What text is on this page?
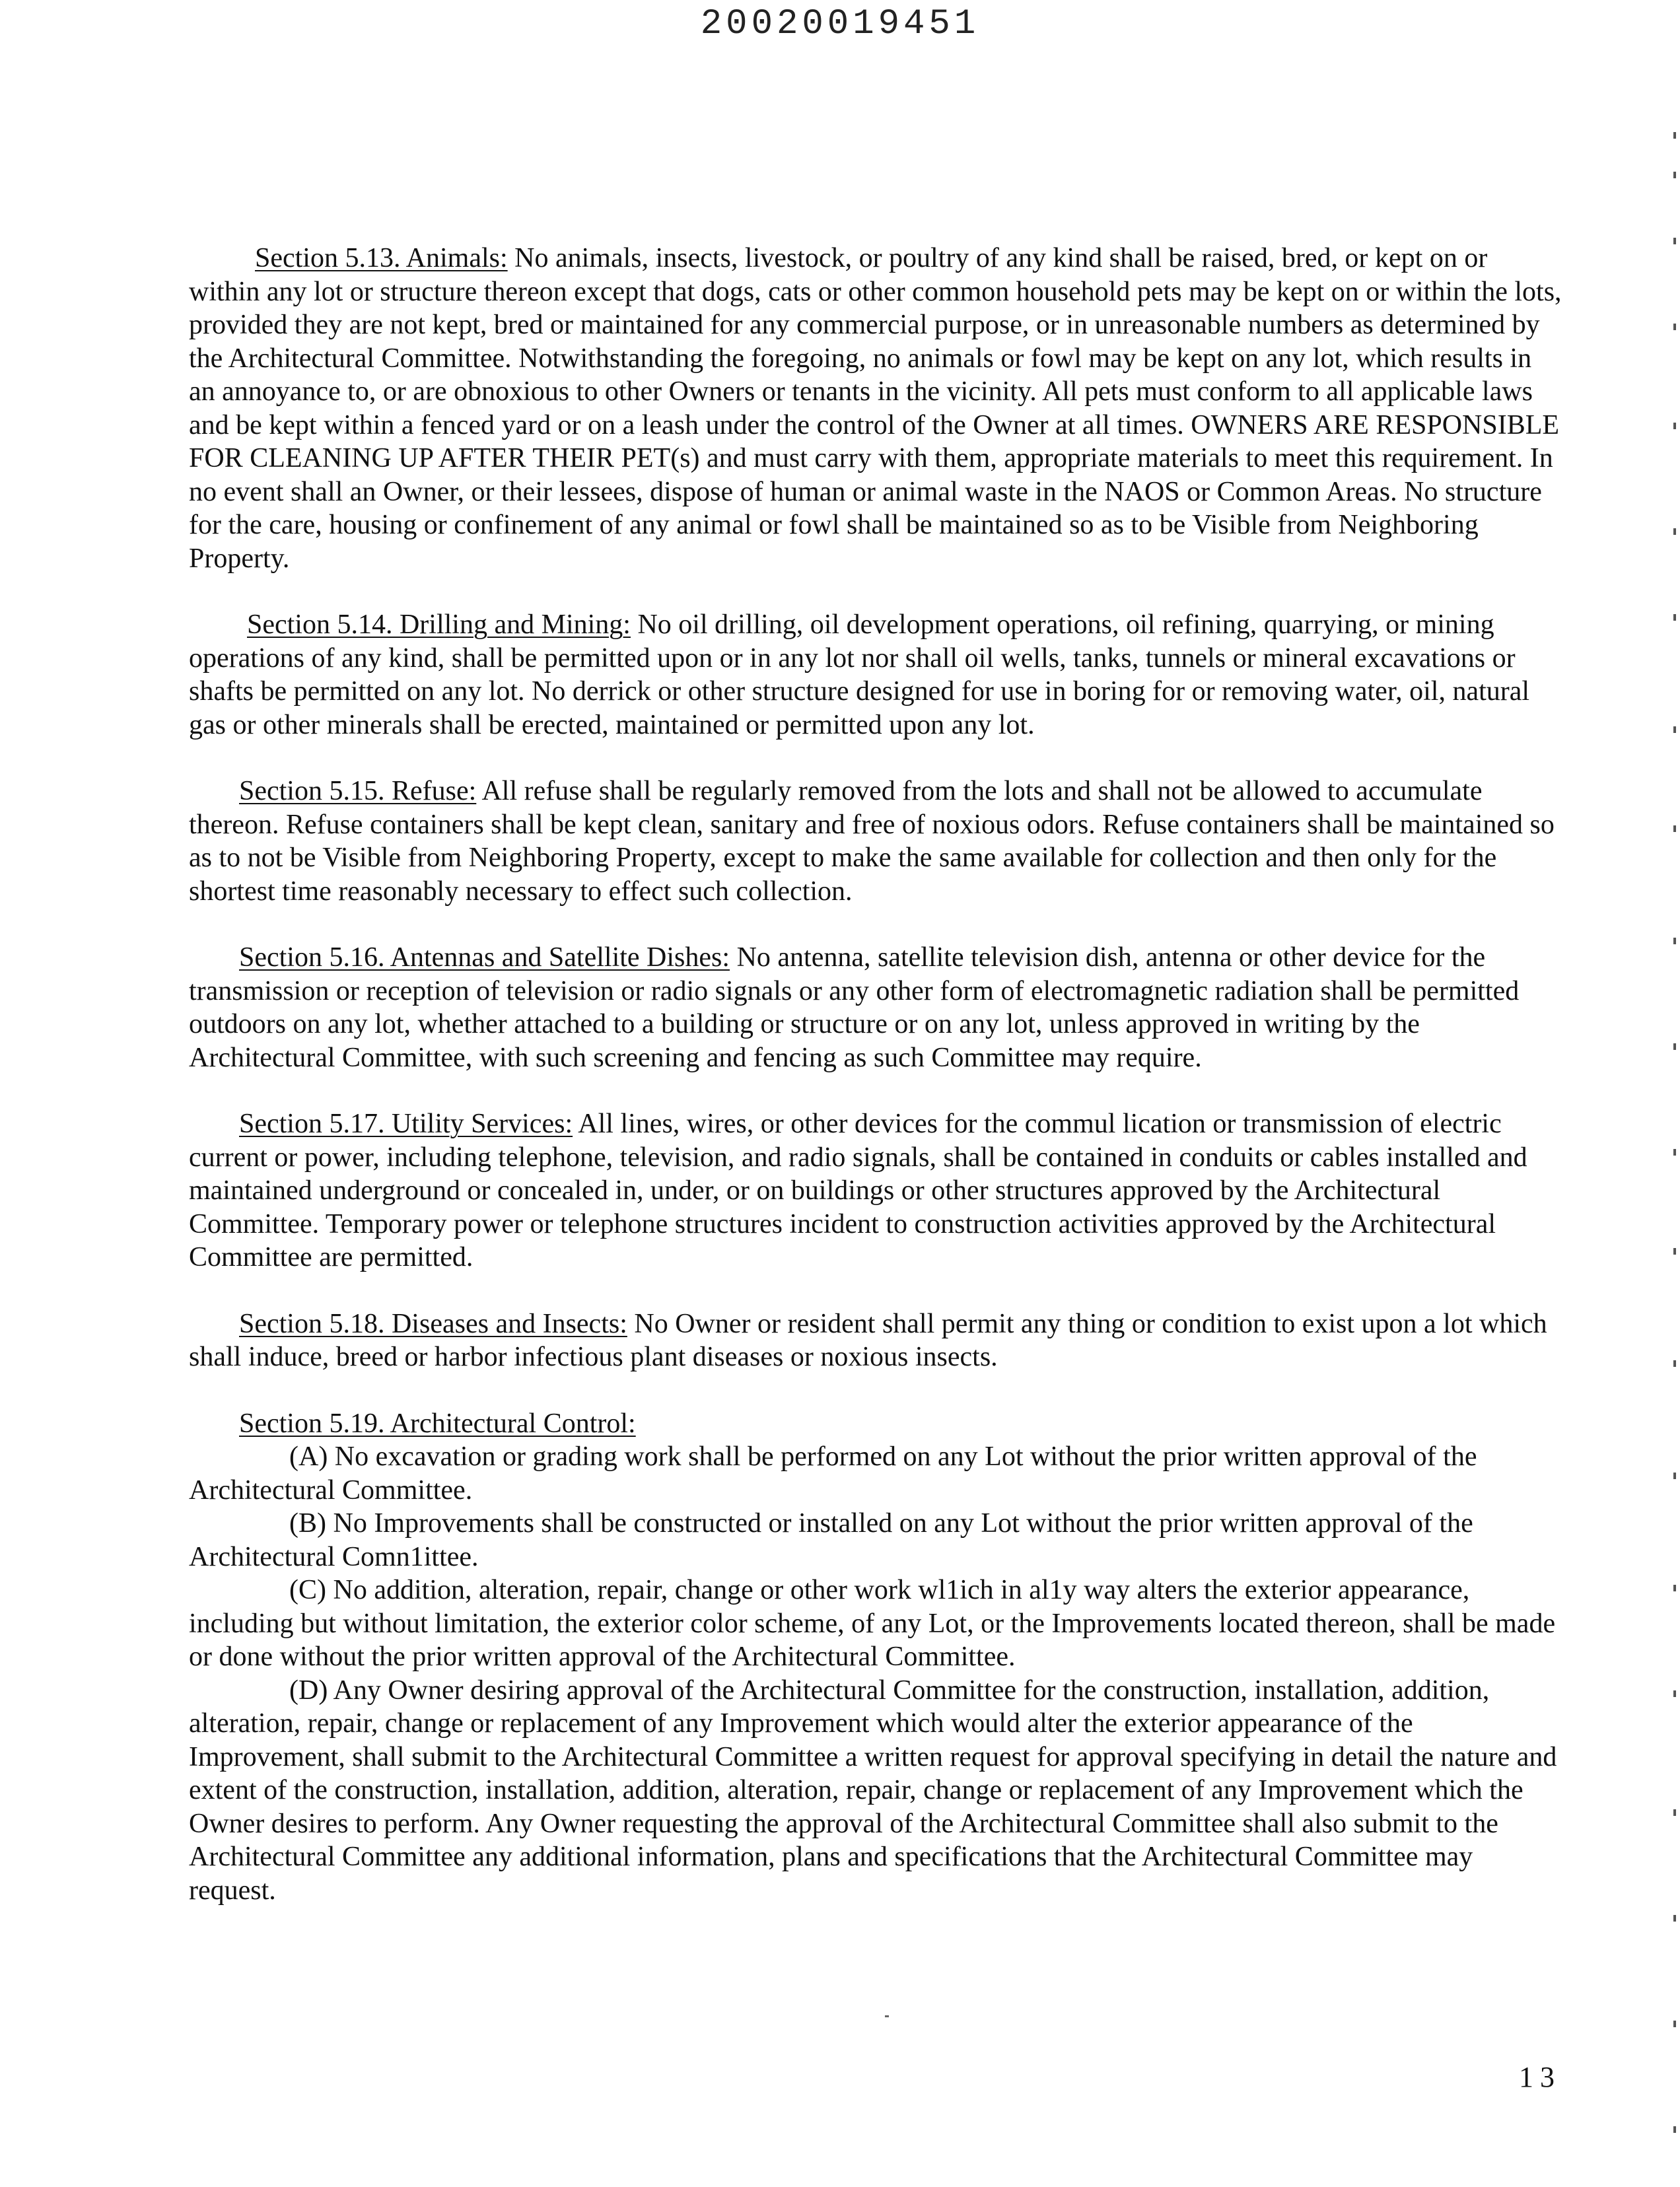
20020019451

Section 5.13. Animals: No animals, insects, livestock, or poultry of any kind shall be raised, bred, or kept on or within any lot or structure thereon except that dogs, cats or other common household pets may be kept on or within the lots, provided they are not kept, bred or maintained for any commercial purpose, or in unreasonable numbers as determined by the Architectural Committee. Notwithstanding the foregoing, no animals or fowl may be kept on any lot, which results in an annoyance to, or are obnoxious to other Owners or tenants in the vicinity. All pets must conform to all applicable laws and be kept within a fenced yard or on a leash under the control of the Owner at all times. OWNERS ARE RESPONSIBLE FOR CLEANING UP AFTER THEIR PET(s) and must carry with them, appropriate materials to meet this requirement. In no event shall an Owner, or their lessees, dispose of human or animal waste in the NAOS or Common Areas. No structure for the care, housing or confinement of any animal or fowl shall be maintained so as to be Visible from Neighboring Property.

Section 5.14. Drilling and Mining: No oil drilling, oil development operations, oil refining, quarrying, or mining operations of any kind, shall be permitted upon or in any lot nor shall oil wells, tanks, tunnels or mineral excavations or shafts be permitted on any lot. No derrick or other structure designed for use in boring for or removing water, oil, natural gas or other minerals shall be erected, maintained or permitted upon any lot.

Section 5.15. Refuse: All refuse shall be regularly removed from the lots and shall not be allowed to accumulate thereon. Refuse containers shall be kept clean, sanitary and free of noxious odors. Refuse containers shall be maintained so as to not be Visible from Neighboring Property, except to make the same available for collection and then only for the shortest time reasonably necessary to effect such collection.

Section 5.16. Antennas and Satellite Dishes: No antenna, satellite television dish, antenna or other device for the transmission or reception of television or radio signals or any other form of electromagnetic radiation shall be permitted outdoors on any lot, whether attached to a building or structure or on any lot, unless approved in writing by the Architectural Committee, with such screening and fencing as such Committee may require.

Section 5.17. Utility Services: All lines, wires, or other devices for the commul lication or transmission of electric current or power, including telephone, television, and radio signals, shall be contained in conduits or cables installed and maintained underground or concealed in, under, or on buildings or other structures approved by the Architectural Committee. Temporary power or telephone structures incident to construction activities approved by the Architectural Committee are permitted.

Section 5.18. Diseases and Insects: No Owner or resident shall permit any thing or condition to exist upon a lot which shall induce, breed or harbor infectious plant diseases or noxious insects.

Section 5.19. Architectural Control:

(A) No excavation or grading work shall be performed on any Lot without the prior written approval of the Architectural Committee.

(B) No Improvements shall be constructed or installed on any Lot without the prior written approval of the Architectural Comn1ittee.

(C) No addition, alteration, repair, change or other work wl1ich in al1y way alters the exterior appearance, including but without limitation, the exterior color scheme, of any Lot, or the Improvements located thereon, shall be made or done without the prior written approval of the Architectural Committee.

(D) Any Owner desiring approval of the Architectural Committee for the construction, installation, addition, alteration, repair, change or replacement of any Improvement which would alter the exterior appearance of the Improvement, shall submit to the Architectural Committee a written request for approval specifying in detail the nature and extent of the construction, installation, addition, alteration, repair, change or replacement of any Improvement which the Owner desires to perform. Any Owner requesting the approval of the Architectural Committee shall also submit to the Architectural Committee any additional information, plans and specifications that the Architectural Committee may request.

13
